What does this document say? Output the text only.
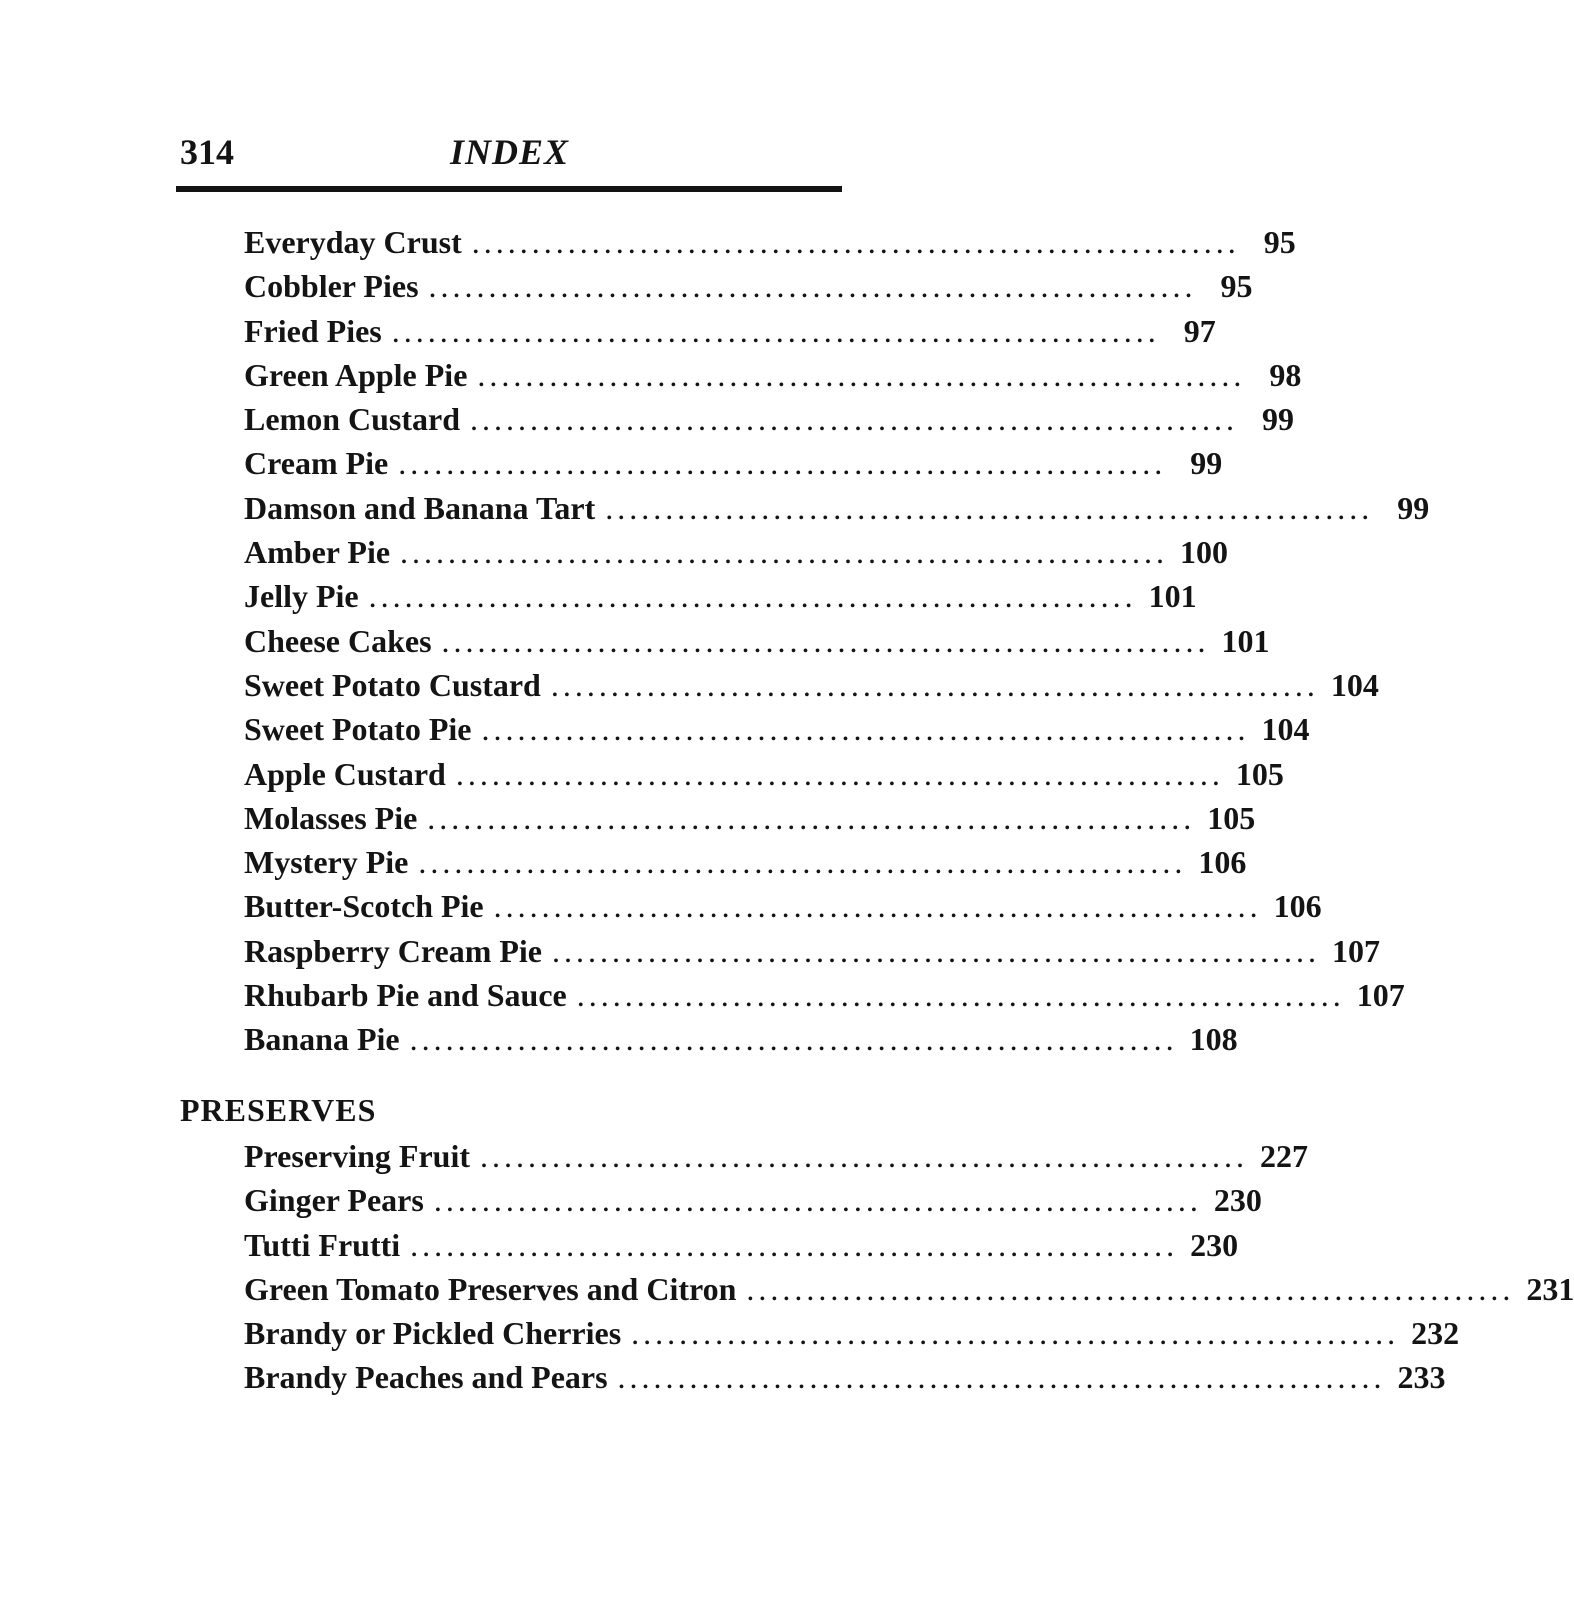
314	INDEX
Everyday Crust ................................................................ 95
Cobbler Pies ................................................................ 95
Fried Pies ................................................................ 97
Green Apple Pie ................................................................ 98
Lemon Custard ................................................................ 99
Cream Pie ................................................................ 99
Damson and Banana Tart ................................................................ 99
Amber Pie ................................................................ 100
Jelly Pie ................................................................ 101
Cheese Cakes ................................................................ 101
Sweet Potato Custard ................................................................ 104
Sweet Potato Pie ................................................................ 104
Apple Custard ................................................................ 105
Molasses Pie ................................................................ 105
Mystery Pie ................................................................ 106
Butter-Scotch Pie ................................................................ 106
Raspberry Cream Pie ................................................................ 107
Rhubarb Pie and Sauce ................................................................ 107
Banana Pie ................................................................ 108
PRESERVES
Preserving Fruit ................................................................ 227
Ginger Pears ................................................................ 230
Tutti Frutti ................................................................ 230
Green Tomato Preserves and Citron ................................................................ 231
Brandy or Pickled Cherries ................................................................ 232
Brandy Peaches and Pears ................................................................ 233
